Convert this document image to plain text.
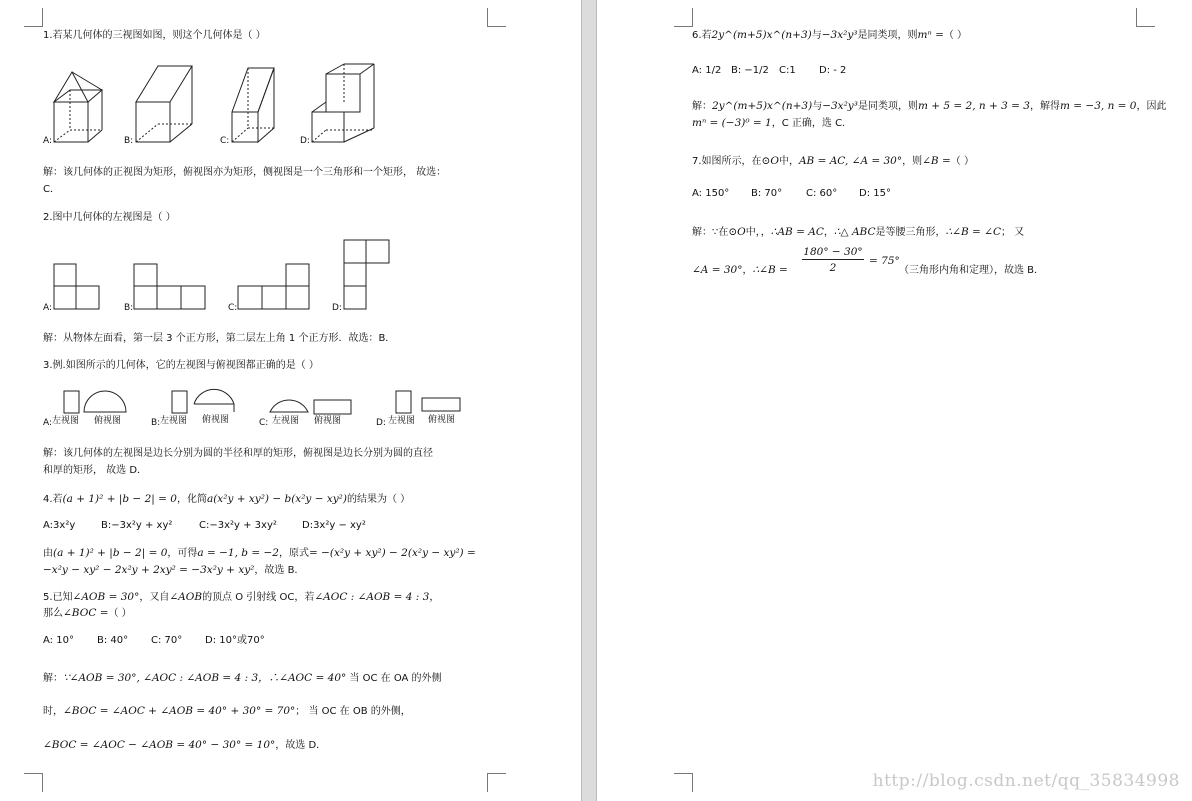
1.若某几何体的三视图如图，则这个几何体是（ ）
A:	B:	C:	D:
解：该几何体的正视图为矩形，俯视图亦为矩形，侧视图是一个三角形和一个矩形， 故选：
C．
2.图中几何体的左视图是（ ）
A:	B:	C:	D:
解：从物体左面看，第一层 3 个正方形，第二层左上角 1 个正方形．故选：B．
3.例.如图所示的几何体，它的左视图与俯视图都正确的是（ ）
A: 左视图 俯视图	B: 左视图 俯视图	C: 左视图 俯视图	D: 左视图 俯视图
解：该几何体的左视图是边长分别为圆的半径和厚的矩形，俯视图是边长分别为圆的直径
和厚的矩形， 故选 D．
4.若(a + 1)² + |b − 2| = 0，化简a(x²y + xy²) − b(x²y − xy²)的结果为（ ）
A:3x²y	B:−3x²y + xy²	C:−3x²y + 3xy²	D:3x²y − xy²
由(a + 1)² + |b − 2| = 0，可得a = −1, b = −2，原式= −(x²y + xy²) − 2(x²y − xy²) =
−x²y − xy² − 2x²y + 2xy² = −3x²y + xy²，故选 B.
5.已知∠AOB = 30°，又自∠AOB的顶点 O 引射线 OC，若∠AOC : ∠AOB = 4 : 3，
那么∠BOC =（ ）
A: 10° B: 40° C: 70° D: 10°或70°
解：∵∠AOB = 30°, ∠AOC : ∠AOB = 4 : 3，∴∠AOC = 40° 当 OC 在 OA 的外侧
时，∠BOC = ∠AOC + ∠AOB = 40° + 30° = 70°； 当 OC 在 OB 的外侧，
∠BOC = ∠AOC − ∠AOB = 40° − 30° = 10°，故选 D．
6.若2y^(m+5)x^(n+3)与−3x²y³是同类项，则mⁿ =（ ）
A: 1/2 B: −1/2 C:1 D: - 2
解：2y^(m+5)x^(n+3)与−3x²y³是同类项，则m + 5 = 2, n + 3 = 3，解得m = −3, n = 0，因此
mⁿ = (−3)⁰ = 1，C 正确，选 C.
7.如图所示，在⊙O中，AB = AC, ∠A = 30°，则∠B =（ ）
A: 150° B: 70° C: 60° D: 15°
解：∵在⊙O中，，∴AB = AC，∴△ ABC是等腰三角形，∴∠B = ∠C； 又
∠A = 30°，∴∠B =
180° − 30°
2
= 75°
（三角形内角和定理），故选 B．
http://blog.csdn.net/qq_35834998
